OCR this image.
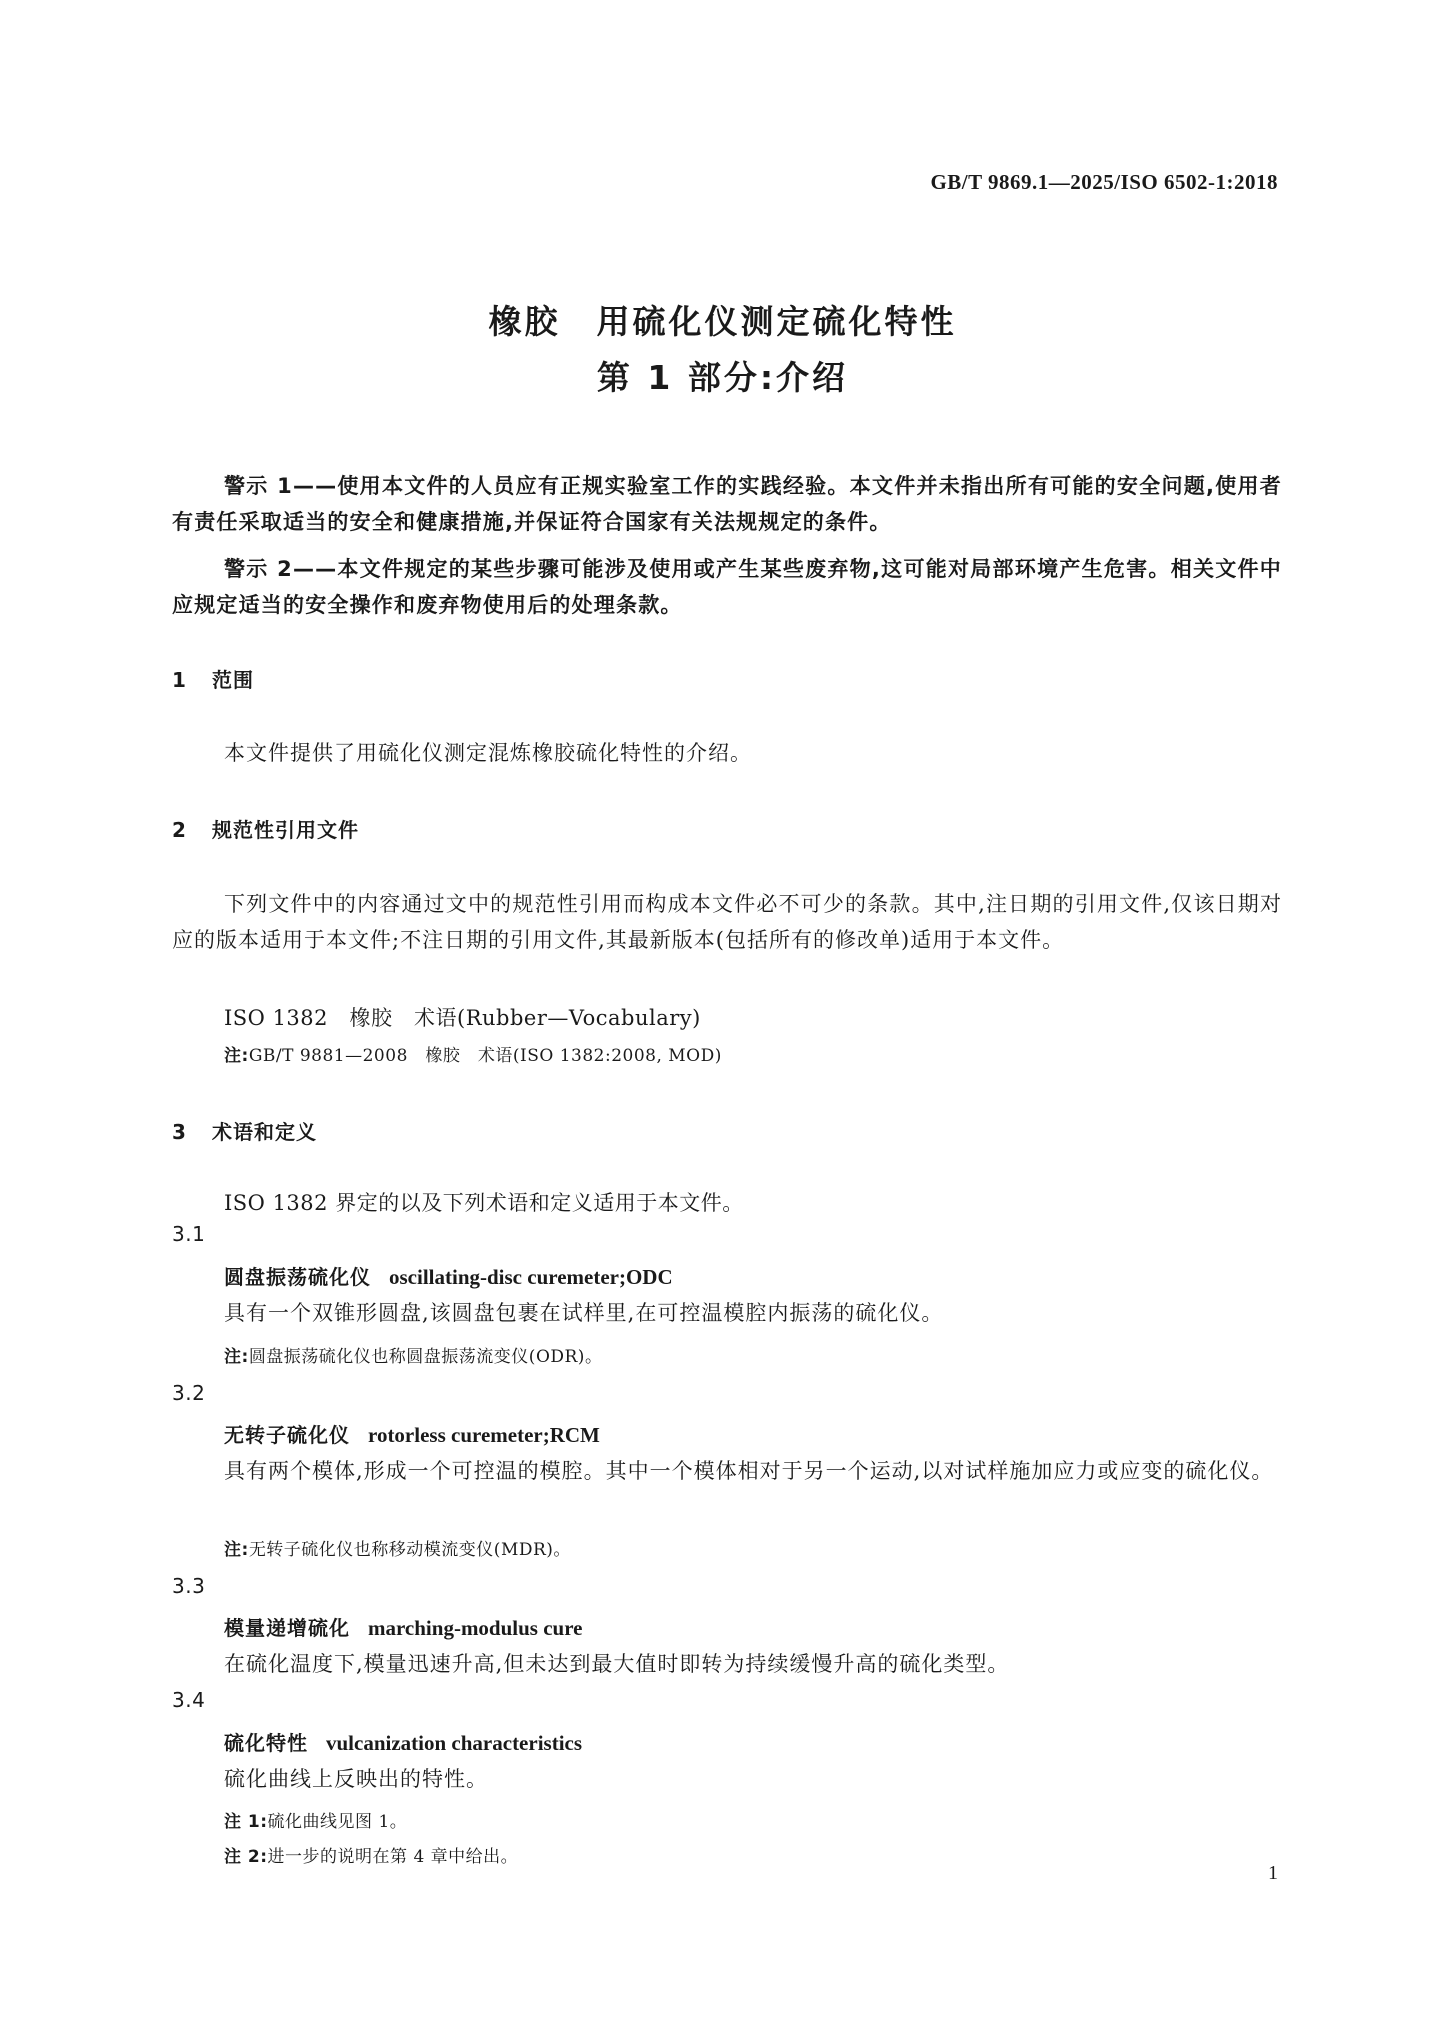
GB/T 9869.1—2025/ISO 6502-1:2018
橡胶　用硫化仪测定硫化特性
第 1 部分:介绍
警示 1——使用本文件的人员应有正规实验室工作的实践经验。本文件并未指出所有可能的安全问题,使用者有责任采取适当的安全和健康措施,并保证符合国家有关法规规定的条件。
警示 2——本文件规定的某些步骤可能涉及使用或产生某些废弃物,这可能对局部环境产生危害。相关文件中应规定适当的安全操作和废弃物使用后的处理条款。
1 范围
本文件提供了用硫化仪测定混炼橡胶硫化特性的介绍。
2 规范性引用文件
下列文件中的内容通过文中的规范性引用而构成本文件必不可少的条款。其中,注日期的引用文件,仅该日期对应的版本适用于本文件;不注日期的引用文件,其最新版本(包括所有的修改单)适用于本文件。
ISO 1382　橡胶　术语(Rubber—Vocabulary)
注:GB/T 9881—2008　橡胶　术语(ISO 1382:2008, MOD)
3 术语和定义
ISO 1382 界定的以及下列术语和定义适用于本文件。
3.1
圆盘振荡硫化仪 oscillating-disc curemeter;ODC
具有一个双锥形圆盘,该圆盘包裹在试样里,在可控温模腔内振荡的硫化仪。
注:圆盘振荡硫化仪也称圆盘振荡流变仪(ODR)。
3.2
无转子硫化仪 rotorless curemeter;RCM
具有两个模体,形成一个可控温的模腔。其中一个模体相对于另一个运动,以对试样施加应力或应变的硫化仪。
注:无转子硫化仪也称移动模流变仪(MDR)。
3.3
模量递增硫化 marching-modulus cure
在硫化温度下,模量迅速升高,但未达到最大值时即转为持续缓慢升高的硫化类型。
3.4
硫化特性 vulcanization characteristics
硫化曲线上反映出的特性。
注 1:硫化曲线见图 1。
注 2:进一步的说明在第 4 章中给出。
1
